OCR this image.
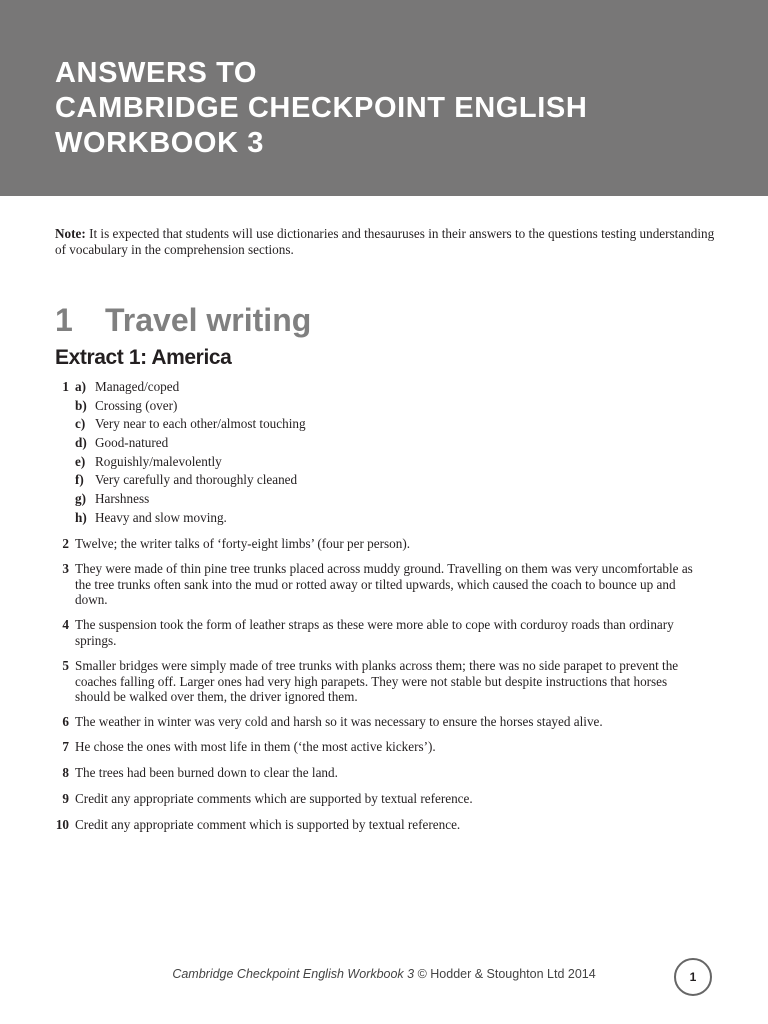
ANSWERS TO
CAMBRIDGE CHECKPOINT ENGLISH
WORKBOOK 3

Note: It is expected that students will use dictionaries and thesauruses in their answers to the questions testing understanding of vocabulary in the comprehension sections.

1 Travel writing
Extract 1: America
1 a) Managed/coped
b) Crossing (over)
c) Very near to each other/almost touching
d) Good-natured
e) Roguishly/malevolently
f) Very carefully and thoroughly cleaned
g) Harshness
h) Heavy and slow moving.
2 Twelve; the writer talks of ‘forty-eight limbs’ (four per person).
3 They were made of thin pine tree trunks placed across muddy ground. Travelling on them was very uncomfortable as the tree trunks often sank into the mud or rotted away or tilted upwards, which caused the coach to bounce up and down.
4 The suspension took the form of leather straps as these were more able to cope with corduroy roads than ordinary springs.
5 Smaller bridges were simply made of tree trunks with planks across them; there was no side parapet to prevent the coaches falling off. Larger ones had very high parapets. They were not stable but despite instructions that horses should be walked over them, the driver ignored them.
6 The weather in winter was very cold and harsh so it was necessary to ensure the horses stayed alive.
7 He chose the ones with most life in them (‘the most active kickers’).
8 The trees had been burned down to clear the land.
9 Credit any appropriate comments which are supported by textual reference.
10 Credit any appropriate comment which is supported by textual reference.
Cambridge Checkpoint English Workbook 3 © Hodder & Stoughton Ltd 2014	1
